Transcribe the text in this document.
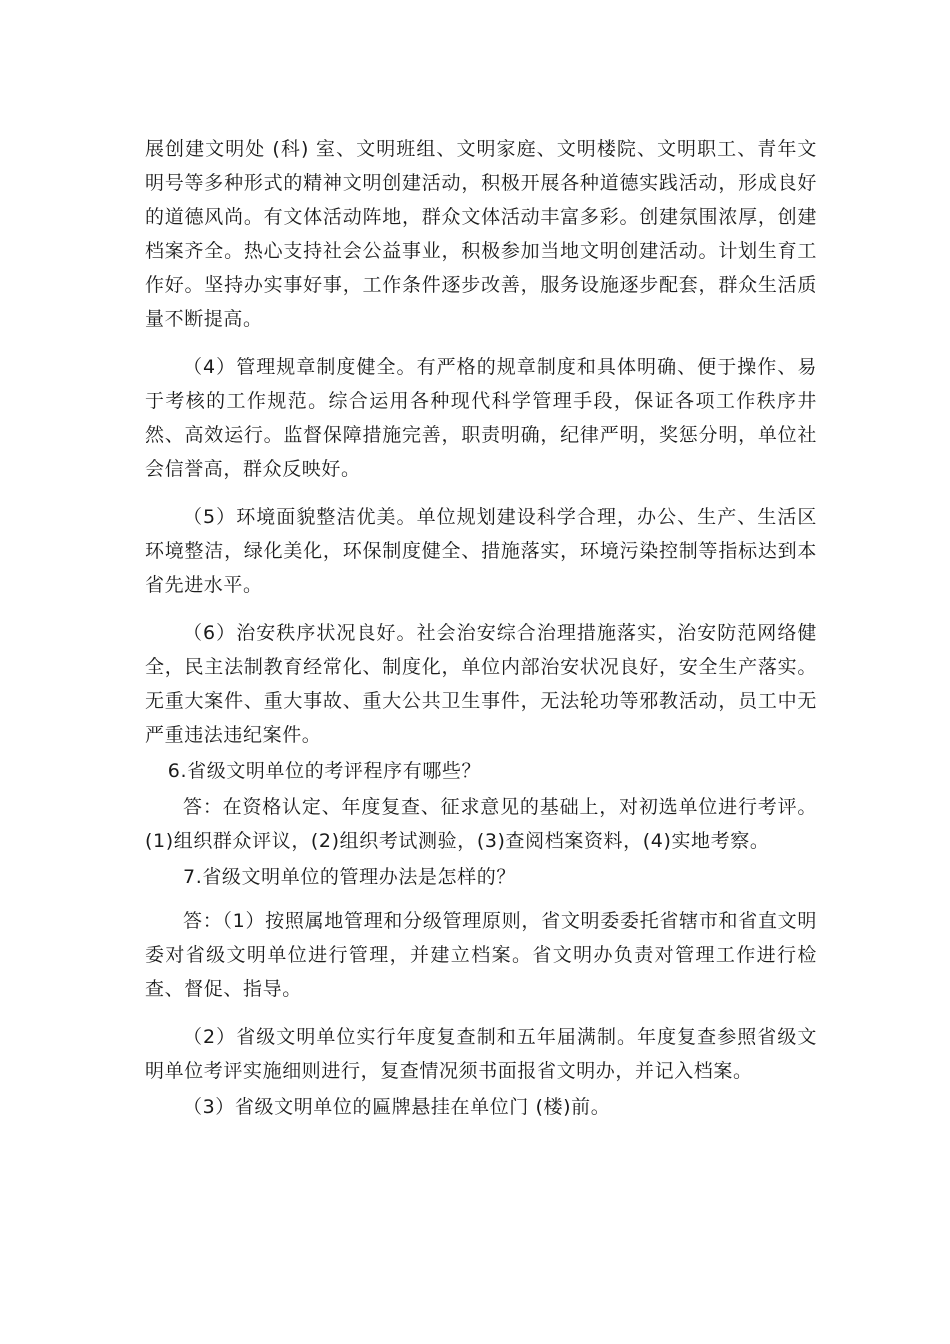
展创建文明处 (科) 室、文明班组、文明家庭、文明楼院、文明职工、青年文明号等多种形式的精神文明创建活动，积极开展各种道德实践活动，形成良好的道德风尚。有文体活动阵地，群众文体活动丰富多彩。创建氛围浓厚，创建档案齐全。热心支持社会公益事业，积极参加当地文明创建活动。计划生育工作好。坚持办实事好事，工作条件逐步改善，服务设施逐步配套，群众生活质量不断提高。

（4）管理规章制度健全。有严格的规章制度和具体明确、便于操作、易于考核的工作规范。综合运用各种现代科学管理手段，保证各项工作秩序井然、高效运行。监督保障措施完善，职责明确，纪律严明，奖惩分明，单位社会信誉高，群众反映好。

（5）环境面貌整洁优美。单位规划建设科学合理，办公、生产、生活区环境整洁，绿化美化，环保制度健全、措施落实，环境污染控制等指标达到本省先进水平。

（6）治安秩序状况良好。社会治安综合治理措施落实，治安防范网络健全，民主法制教育经常化、制度化，单位内部治安状况良好，安全生产落实。无重大案件、重大事故、重大公共卫生事件，无法轮功等邪教活动，员工中无严重违法违纪案件。

6.省级文明单位的考评程序有哪些？

答：在资格认定、年度复查、征求意见的基础上，对初选单位进行考评。(1)组织群众评议，(2)组织考试测验，(3)查阅档案资料，(4)实地考察。

7.省级文明单位的管理办法是怎样的？

答：（1）按照属地管理和分级管理原则，省文明委委托省辖市和省直文明委对省级文明单位进行管理，并建立档案。省文明办负责对管理工作进行检查、督促、指导。

（2）省级文明单位实行年度复查制和五年届满制。年度复查参照省级文明单位考评实施细则进行，复查情况须书面报省文明办，并记入档案。

（3）省级文明单位的匾牌悬挂在单位门 (楼)前。
